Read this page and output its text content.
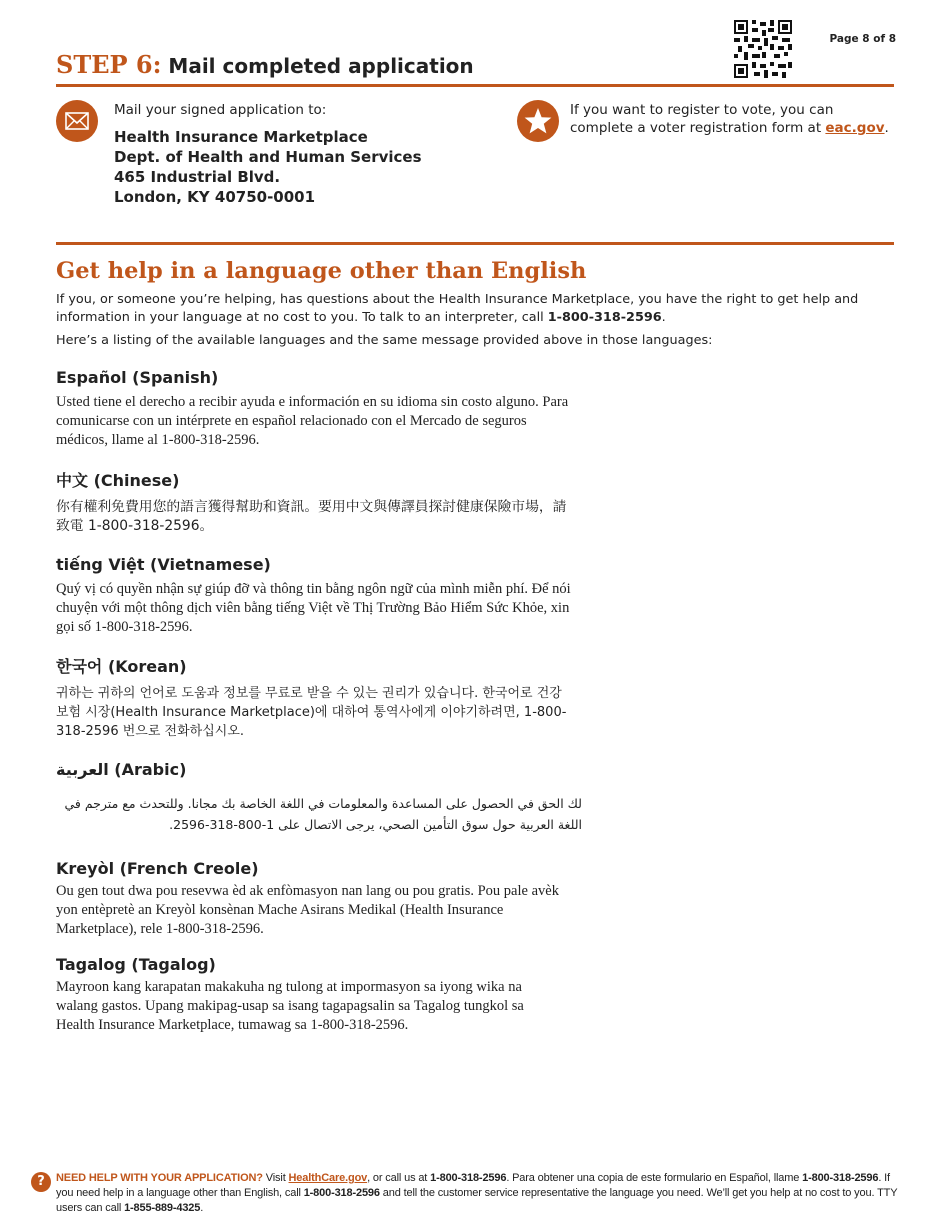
STEP 6: Mail completed application
Page 8 of 8
Mail your signed application to:
Health Insurance Marketplace
Dept. of Health and Human Services
465 Industrial Blvd.
London, KY 40750-0001
If you want to register to vote, you can complete a voter registration form at eac.gov.
Get help in a language other than English
If you, or someone you’re helping, has questions about the Health Insurance Marketplace, you have the right to get help and information in your language at no cost to you. To talk to an interpreter, call 1-800-318-2596.
Here’s a listing of the available languages and the same message provided above in those languages:
Español (Spanish)
Usted tiene el derecho a recibir ayuda e información en su idioma sin costo alguno. Para comunicarse con un intérprete en español relacionado con el Mercado de seguros médicos, llame al 1-800-318-2596.
中文 (Chinese)
你有權利免費用您的語言獲得幫助和資訊。要用中文與傳譯員探討健康保險市場，請致電 1-800-318-2596。
tiếng Việt (Vietnamese)
Quý vị có quyền nhận sự giúp đỡ và thông tin bằng ngôn ngữ của mình miễn phí. Để nói chuyện với một thông dịch viên bằng tiếng Việt về Thị Trường Bảo Hiểm Sức Khỏe, xin gọi số 1-800-318-2596.
한국어 (Korean)
귀하는 귀하의 언어로 도움과 정보를 무료로 받을 수 있는 권리가 있습니다. 한국어로 건강 보험 시장(Health Insurance Marketplace)에 대하여 통역사에게 이야기하려면, 1-800-318-2596 번으로 전화하십시오.
العربية (Arabic)
لك الحق في الحصول على المساعدة والمعلومات في اللغة الخاصة بك مجانا. وللتحدث مع مترجم في اللغة العربية حول سوق التأمين الصحي، يرجى الاتصال على 1-800-318-2596.
Kreyòl (French Creole)
Ou gen tout dwa pou resevwa èd ak enfòmasyon nan lang ou pou gratis. Pou pale avèk yon entèpretè an Kreyòl konsènan Mache Asirans Medikal (Health Insurance Marketplace), rele 1-800-318-2596.
Tagalog (Tagalog)
Mayroon kang karapatan makakuha ng tulong at impormasyon sa iyong wika na walang gastos. Upang makipag-usap sa isang tagapagsalin sa Tagalog tungkol sa Health Insurance Marketplace, tumawag sa 1-800-318-2596.
?	NEED HELP WITH YOUR APPLICATION? Visit HealthCare.gov, or call us at 1-800-318-2596. Para obtener una copia de este formulario en Español, llame 1-800-318-2596. If you need help in a language other than English, call 1-800-318-2596 and tell the customer service representative the language you need. We’ll get you help at no cost to you. TTY users can call 1-855-889-4325.
